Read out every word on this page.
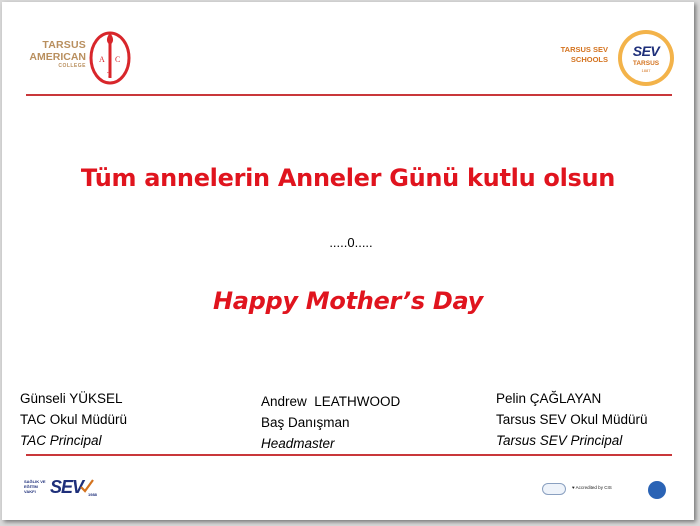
TARSUS
AMERICAN
COLLEGE
A C
T
TARSUS SEV
SCHOOLS
SEV
TARSUS
1887
Tüm annelerin Anneler Günü kutlu olsun
.....0.....
Happy Mother’s Day
Günseli YÜKSEL
TAC Okul Müdürü
TAC Principal
Andrew  LEATHWOOD
Baş Danışman
Headmaster
Pelin ÇAĞLAYAN
Tarsus SEV Okul Müdürü
Tarsus SEV Principal
SAĞLIK VE
EĞİTİM
VAKFI SEV 1988
♥ Accredited by CIS
